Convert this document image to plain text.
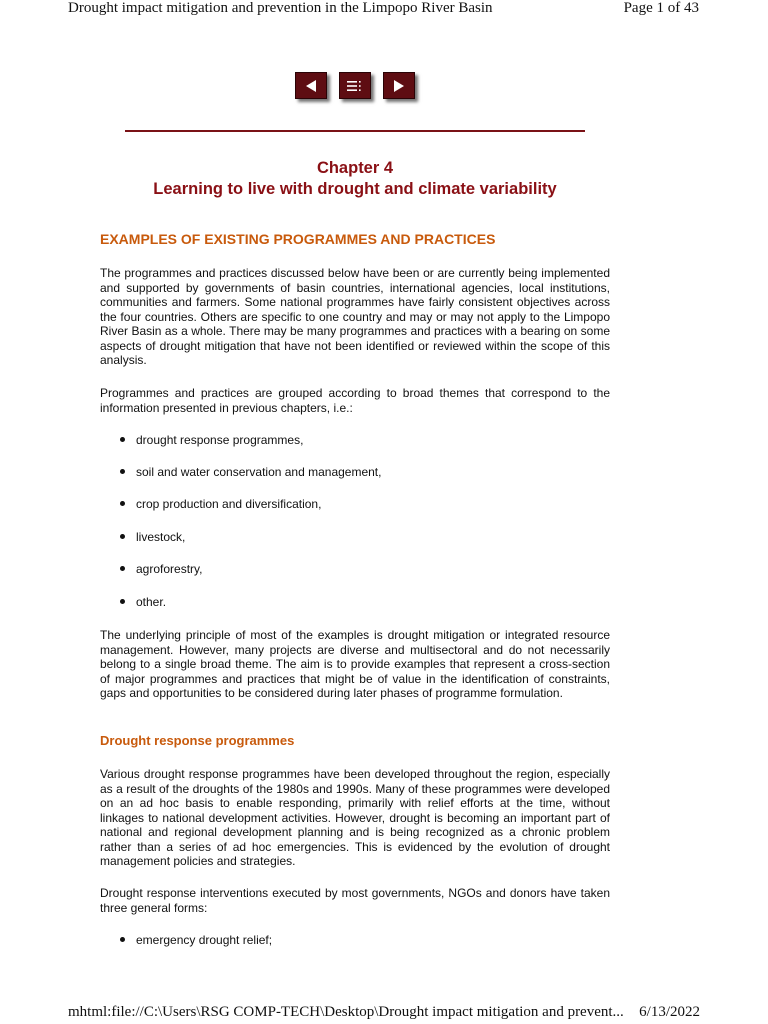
Drought impact mitigation and prevention in the Limpopo River Basin	Page 1 of 43
Chapter 4
Learning to live with drought and climate variability
EXAMPLES OF EXISTING PROGRAMMES AND PRACTICES

The programmes and practices discussed below have been or are currently being implemented and supported by governments of basin countries, international agencies, local institutions, communities and farmers. Some national programmes have fairly consistent objectives across the four countries. Others are specific to one country and may or may not apply to the Limpopo River Basin as a whole. There may be many programmes and practices with a bearing on some aspects of drought mitigation that have not been identified or reviewed within the scope of this analysis.

Programmes and practices are grouped according to broad themes that correspond to the information presented in previous chapters, i.e.:

drought response programmes,
soil and water conservation and management,
crop production and diversification,
livestock,
agroforestry,
other.

The underlying principle of most of the examples is drought mitigation or integrated resource management. However, many projects are diverse and multisectoral and do not necessarily belong to a single broad theme. The aim is to provide examples that represent a cross-section of major programmes and practices that might be of value in the identification of constraints, gaps and opportunities to be considered during later phases of programme formulation.

Drought response programmes

Various drought response programmes have been developed throughout the region, especially as a result of the droughts of the 1980s and 1990s. Many of these programmes were developed on an ad hoc basis to enable responding, primarily with relief efforts at the time, without linkages to national development activities. However, drought is becoming an important part of national and regional development planning and is being recognized as a chronic problem rather than a series of ad hoc emergencies. This is evidenced by the evolution of drought management policies and strategies.

Drought response interventions executed by most governments, NGOs and donors have taken three general forms:

emergency drought relief;
mhtml:file://C:\Users\RSG COMP-TECH\Desktop\Drought impact mitigation and prevent... 6/13/2022
